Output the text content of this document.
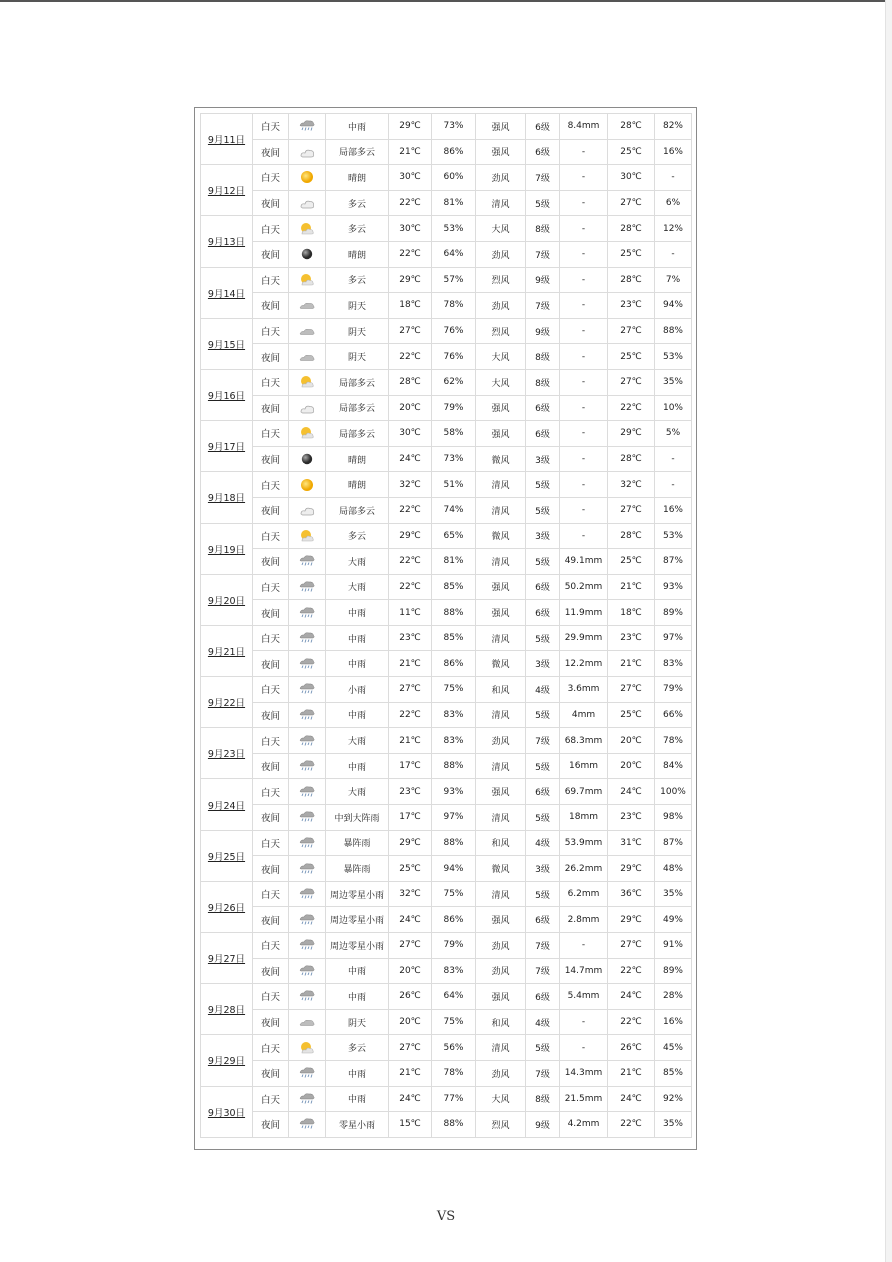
9月11日	白天		中雨	29℃	73%	强风	6级	8.4mm	28℃	82%
	夜间		局部多云	21℃	86%	强风	6级	-	25℃	16%
9月12日	白天		晴朗	30℃	60%	劲风	7级	-	30℃	-
	夜间		多云	22℃	81%	清风	5级	-	27℃	6%
9月13日	白天		多云	30℃	53%	大风	8级	-	28℃	12%
	夜间		晴朗	22℃	64%	劲风	7级	-	25℃	-
9月14日	白天		多云	29℃	57%	烈风	9级	-	28℃	7%
	夜间		阴天	18℃	78%	劲风	7级	-	23℃	94%
9月15日	白天		阴天	27℃	76%	烈风	9级	-	27℃	88%
	夜间		阴天	22℃	76%	大风	8级	-	25℃	53%
9月16日	白天		局部多云	28℃	62%	大风	8级	-	27℃	35%
	夜间		局部多云	20℃	79%	强风	6级	-	22℃	10%
9月17日	白天		局部多云	30℃	58%	强风	6级	-	29℃	5%
	夜间		晴朗	24℃	73%	微风	3级	-	28℃	-
9月18日	白天		晴朗	32℃	51%	清风	5级	-	32℃	-
	夜间		局部多云	22℃	74%	清风	5级	-	27℃	16%
9月19日	白天		多云	29℃	65%	微风	3级	-	28℃	53%
	夜间		大雨	22℃	81%	清风	5级	49.1mm	25℃	87%
9月20日	白天		大雨	22℃	85%	强风	6级	50.2mm	21℃	93%
	夜间		中雨	11℃	88%	强风	6级	11.9mm	18℃	89%
9月21日	白天		中雨	23℃	85%	清风	5级	29.9mm	23℃	97%
	夜间		中雨	21℃	86%	微风	3级	12.2mm	21℃	83%
9月22日	白天		小雨	27℃	75%	和风	4级	3.6mm	27℃	79%
	夜间		中雨	22℃	83%	清风	5级	4mm	25℃	66%
9月23日	白天		大雨	21℃	83%	劲风	7级	68.3mm	20℃	78%
	夜间		中雨	17℃	88%	清风	5级	16mm	20℃	84%
9月24日	白天		大雨	23℃	93%	强风	6级	69.7mm	24℃	100%
	夜间		中到大阵雨	17℃	97%	清风	5级	18mm	23℃	98%
9月25日	白天		暴阵雨	29℃	88%	和风	4级	53.9mm	31℃	87%
	夜间		暴阵雨	25℃	94%	微风	3级	26.2mm	29℃	48%
9月26日	白天		周边零星小雨	32℃	75%	清风	5级	6.2mm	36℃	35%
	夜间		周边零星小雨	24℃	86%	强风	6级	2.8mm	29℃	49%
9月27日	白天		周边零星小雨	27℃	79%	劲风	7级	-	27℃	91%
	夜间		中雨	20℃	83%	劲风	7级	14.7mm	22℃	89%
9月28日	白天		中雨	26℃	64%	强风	6级	5.4mm	24℃	28%
	夜间		阴天	20℃	75%	和风	4级	-	22℃	16%
9月29日	白天		多云	27℃	56%	清风	5级	-	26℃	45%
	夜间		中雨	21℃	78%	劲风	7级	14.3mm	21℃	85%
9月30日	白天		中雨	24℃	77%	大风	8级	21.5mm	24℃	92%
	夜间		零星小雨	15℃	88%	烈风	9级	4.2mm	22℃	35%
VS
